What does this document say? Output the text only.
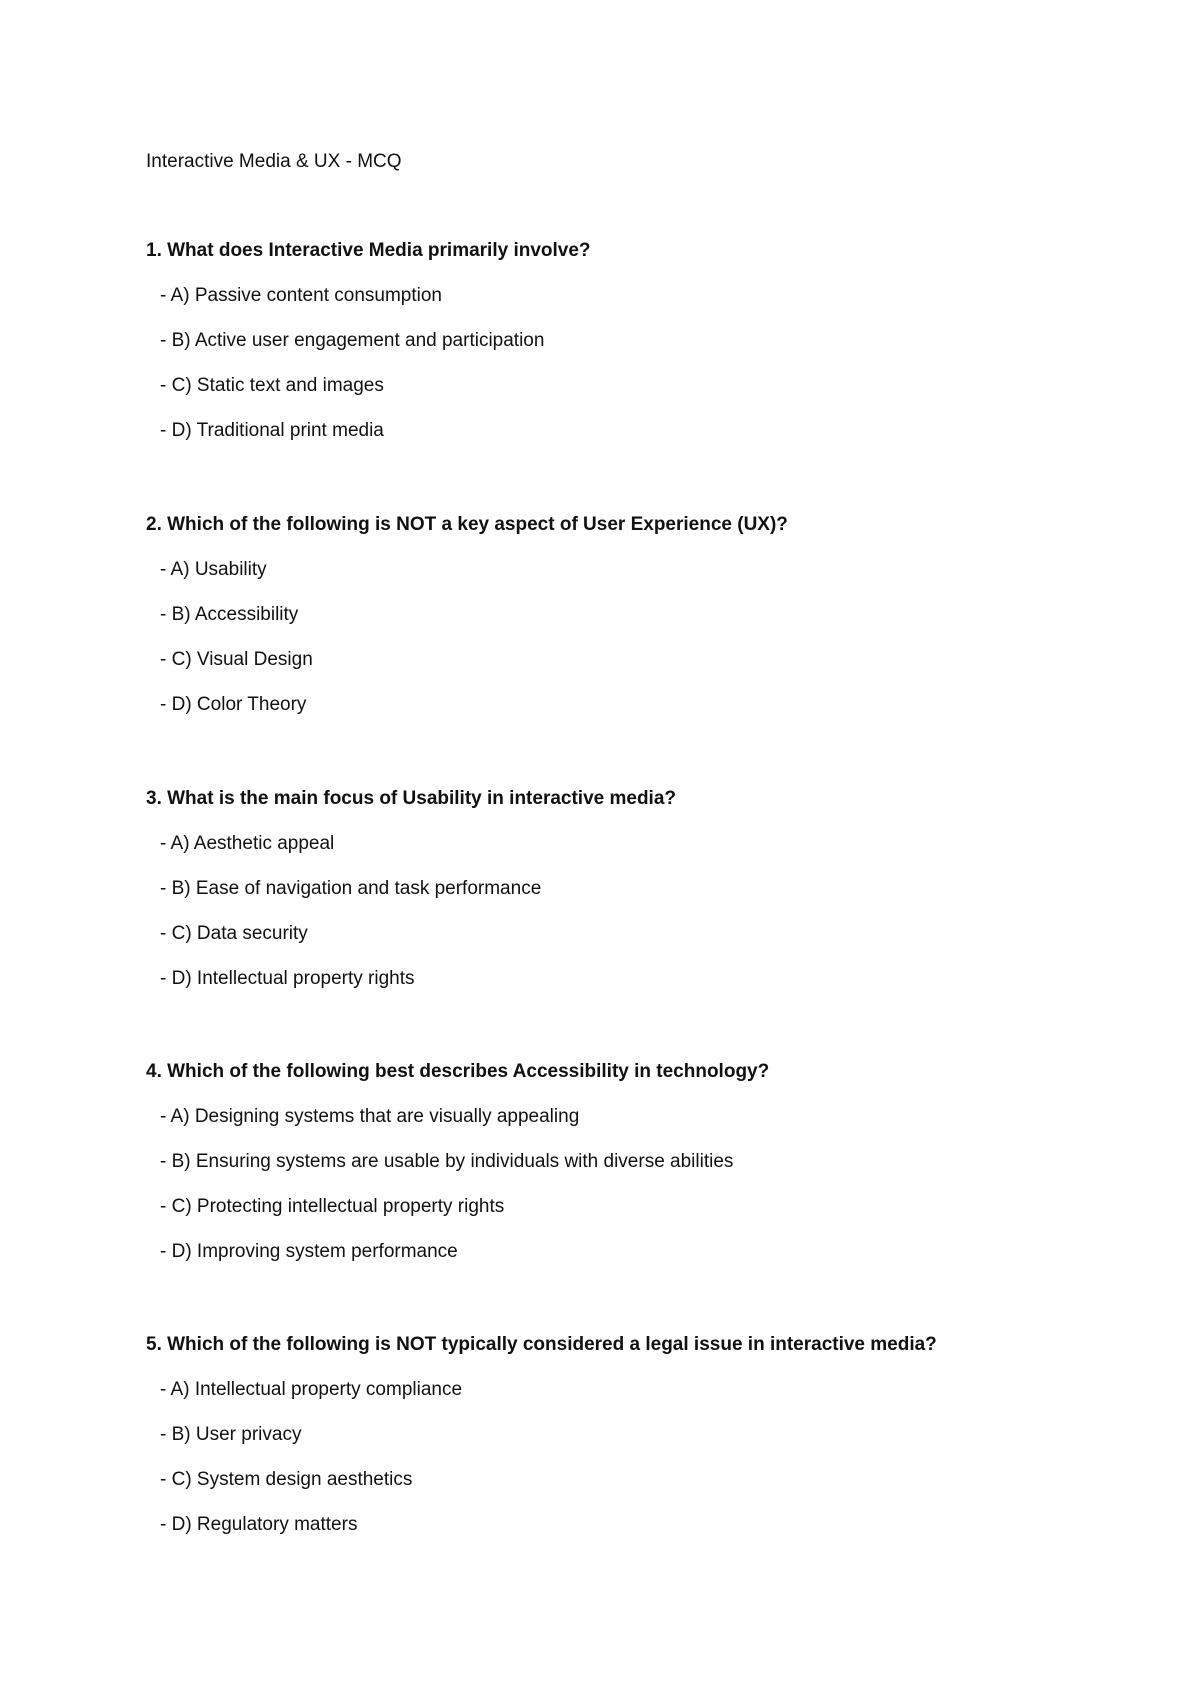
Interactive Media & UX - MCQ

1. What does Interactive Media primarily involve?

- A) Passive content consumption
- B) Active user engagement and participation
- C) Static text and images
- D) Traditional print media

2. Which of the following is NOT a key aspect of User Experience (UX)?

- A) Usability
- B) Accessibility
- C) Visual Design
- D) Color Theory

3. What is the main focus of Usability in interactive media?

- A) Aesthetic appeal
- B) Ease of navigation and task performance
- C) Data security
- D) Intellectual property rights

4. Which of the following best describes Accessibility in technology?

- A) Designing systems that are visually appealing
- B) Ensuring systems are usable by individuals with diverse abilities
- C) Protecting intellectual property rights
- D) Improving system performance

5. Which of the following is NOT typically considered a legal issue in interactive media?

- A) Intellectual property compliance
- B) User privacy
- C) System design aesthetics
- D) Regulatory matters
